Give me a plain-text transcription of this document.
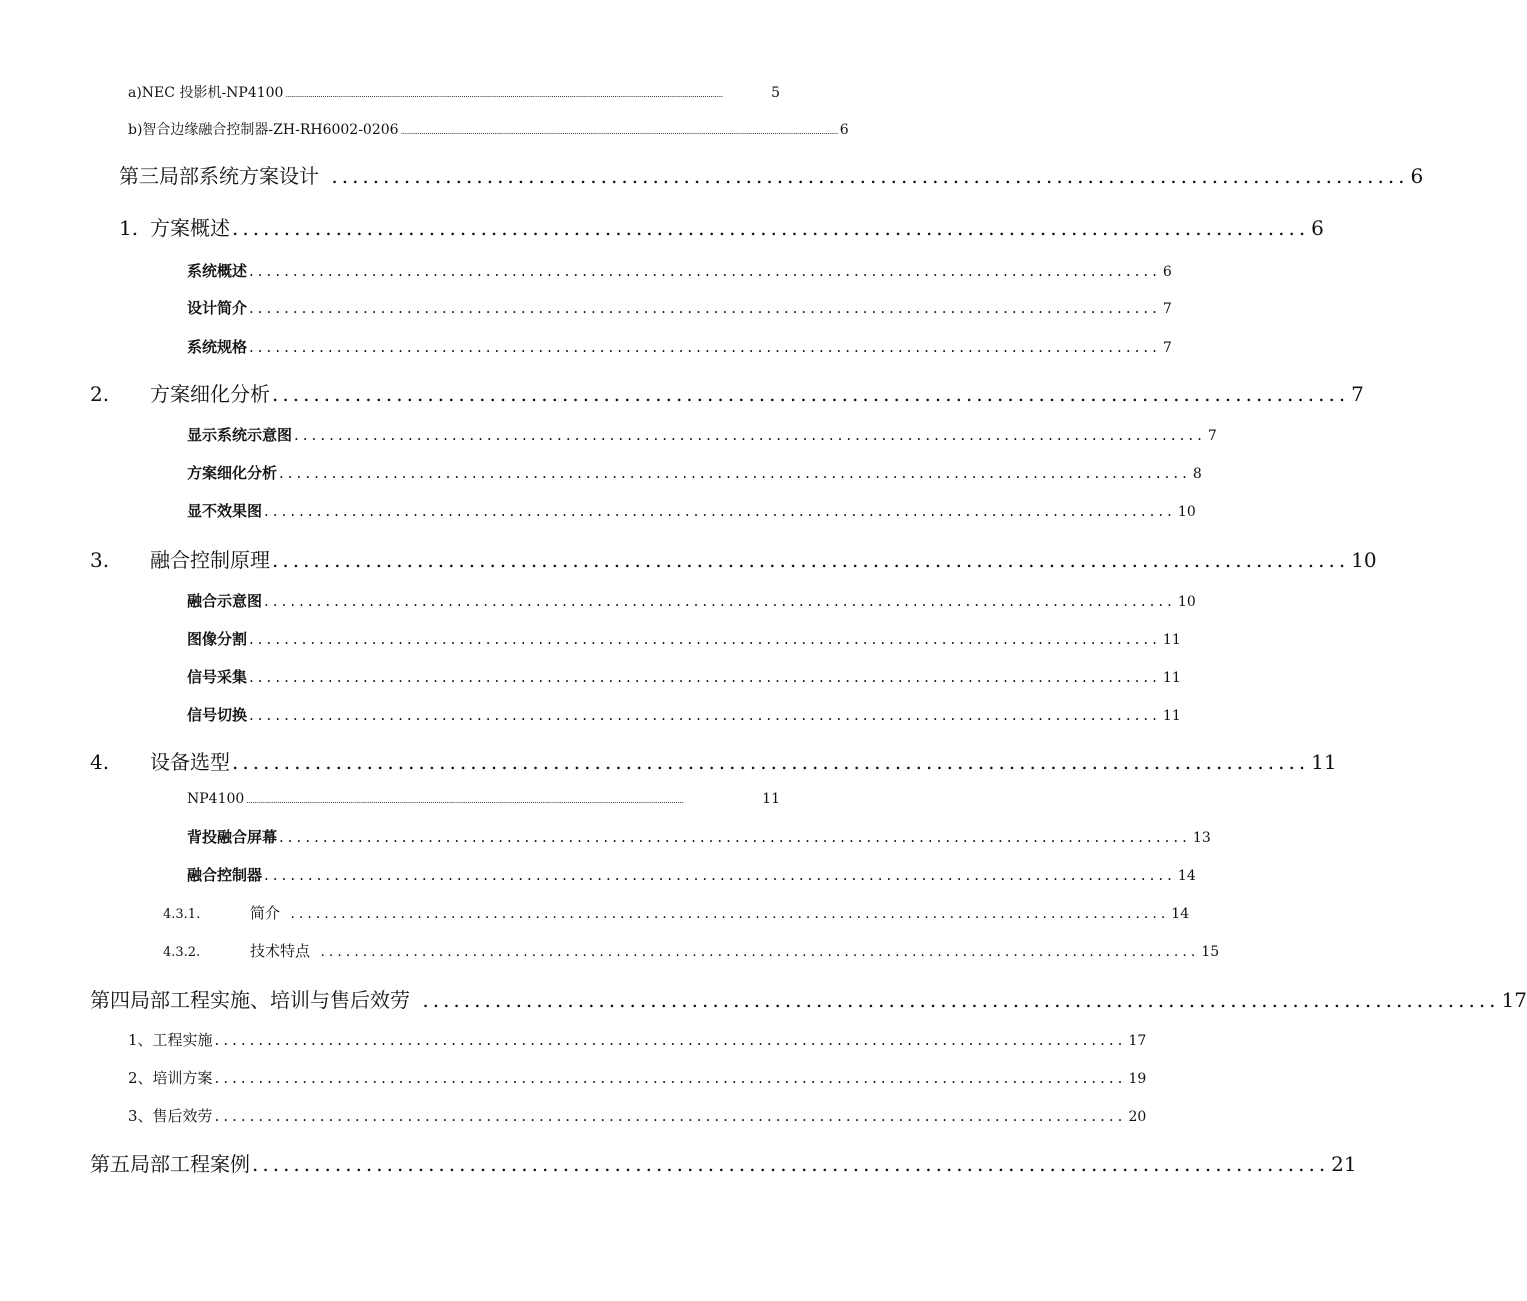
a)NEC 投影机-NP4100 ......................................................................................................................................................................................................................	5
b)智合边缘融合控制器-ZH-RH6002-0206 ...................................................................................................................................................................................................................... 6
第三局部系统方案设计 ........................................................................................................ 6
1. 方案概述 ........................................................................................................ 6
系统概述 ........................................................................................................ 6
设计简介 ........................................................................................................ 7
系统规格 ........................................................................................................ 7
2.	方案细化分析 ........................................................................................................ 7
显示系统示意图 ........................................................................................................ 7
方案细化分析 ........................................................................................................ 8
显不效果图 ........................................................................................................ 10
3.	融合控制原理 ........................................................................................................ 10
融合示意图 ........................................................................................................ 10
图像分割 ........................................................................................................ 11
信号采集 ........................................................................................................ 11
信号切换 ........................................................................................................ 11
4.	设备选型 ........................................................................................................ 11
NP4100 ......................................................................................................................................................................................................................	11
背投融合屏幕 ........................................................................................................ 13
融合控制器 ........................................................................................................ 14
4.3.1.	简介 ........................................................................................................ 14
4.3.2.	技术特点 ........................................................................................................ 15
第四局部工程实施、培训与售后效劳 ........................................................................................................ 17
1、工程实施 ........................................................................................................ 17
2、培训方案 ........................................................................................................ 19
3、售后效劳 ........................................................................................................ 20
第五局部工程案例 ........................................................................................................ 21
